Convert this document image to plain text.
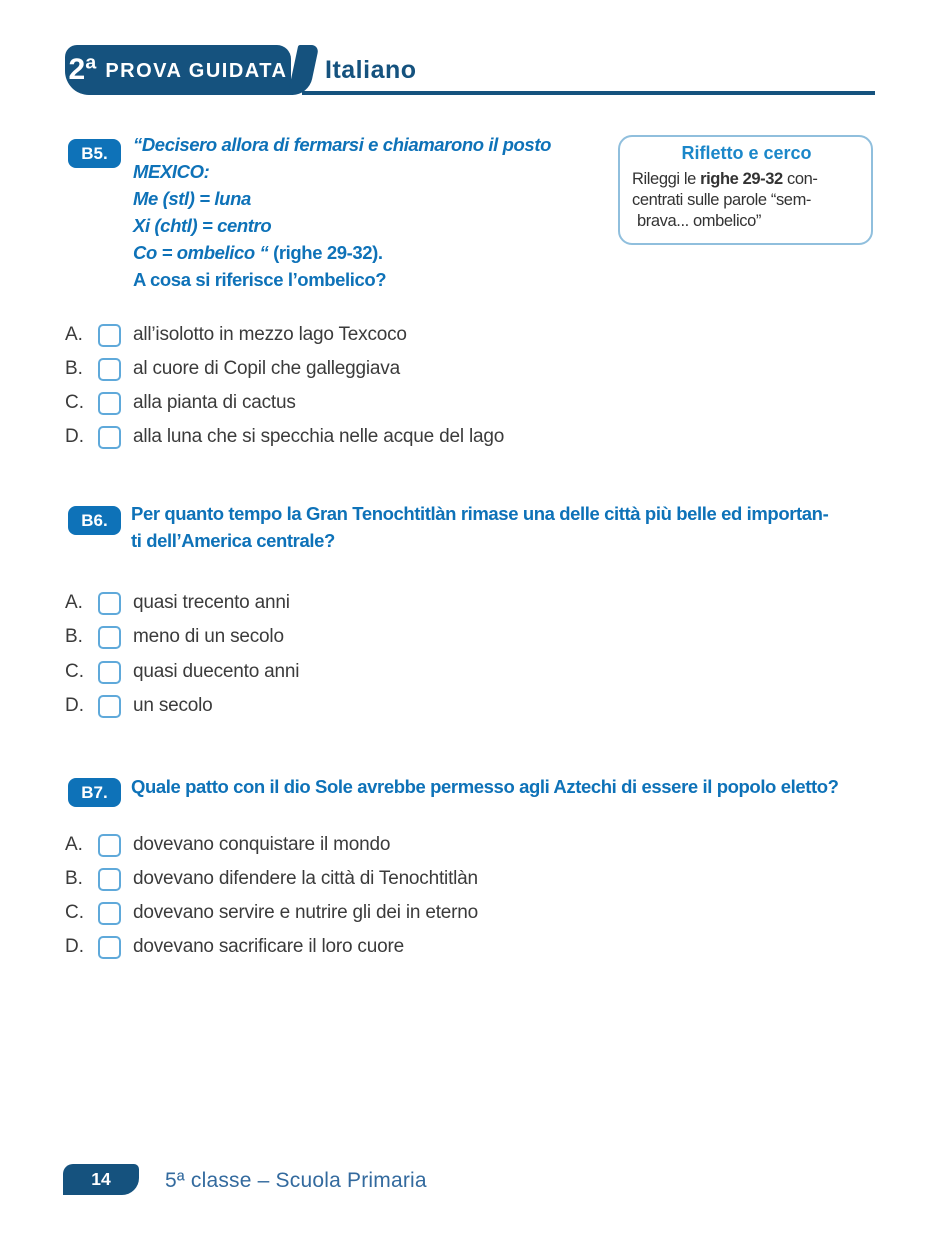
2ª PROVA GUIDATA Italiano
B5.	“Decisero allora di fermarsi e chiamarono il posto
MEXICO:
Me (stl) = luna
Xi (chtl) = centro
Co = ombelico “ (righe 29-32).
A cosa si riferisce l’ombelico?
Rifletto e cerco
Rileggi le righe 29-32 con-
centrati sulle parole “sem-
brava... ombelico”
A.	all’isolotto in mezzo lago Texcoco
B.	al cuore di Copil che galleggiava
C.	alla pianta di cactus
D.	alla luna che si specchia nelle acque del lago
B6.	Per quanto tempo la Gran Tenochtitlàn rimase una delle città più belle ed importan-
ti dell’America centrale?
A.	quasi trecento anni
B.	meno di un secolo
C.	quasi duecento anni
D.	un secolo
B7.	Quale patto con il dio Sole avrebbe permesso agli Aztechi di essere il popolo eletto?
A.	dovevano conquistare il mondo
B.	dovevano difendere la città di Tenochtitlàn
C.	dovevano servire e nutrire gli dei in eterno
D.	dovevano sacrificare il loro cuore
14	5ª classe – Scuola Primaria
